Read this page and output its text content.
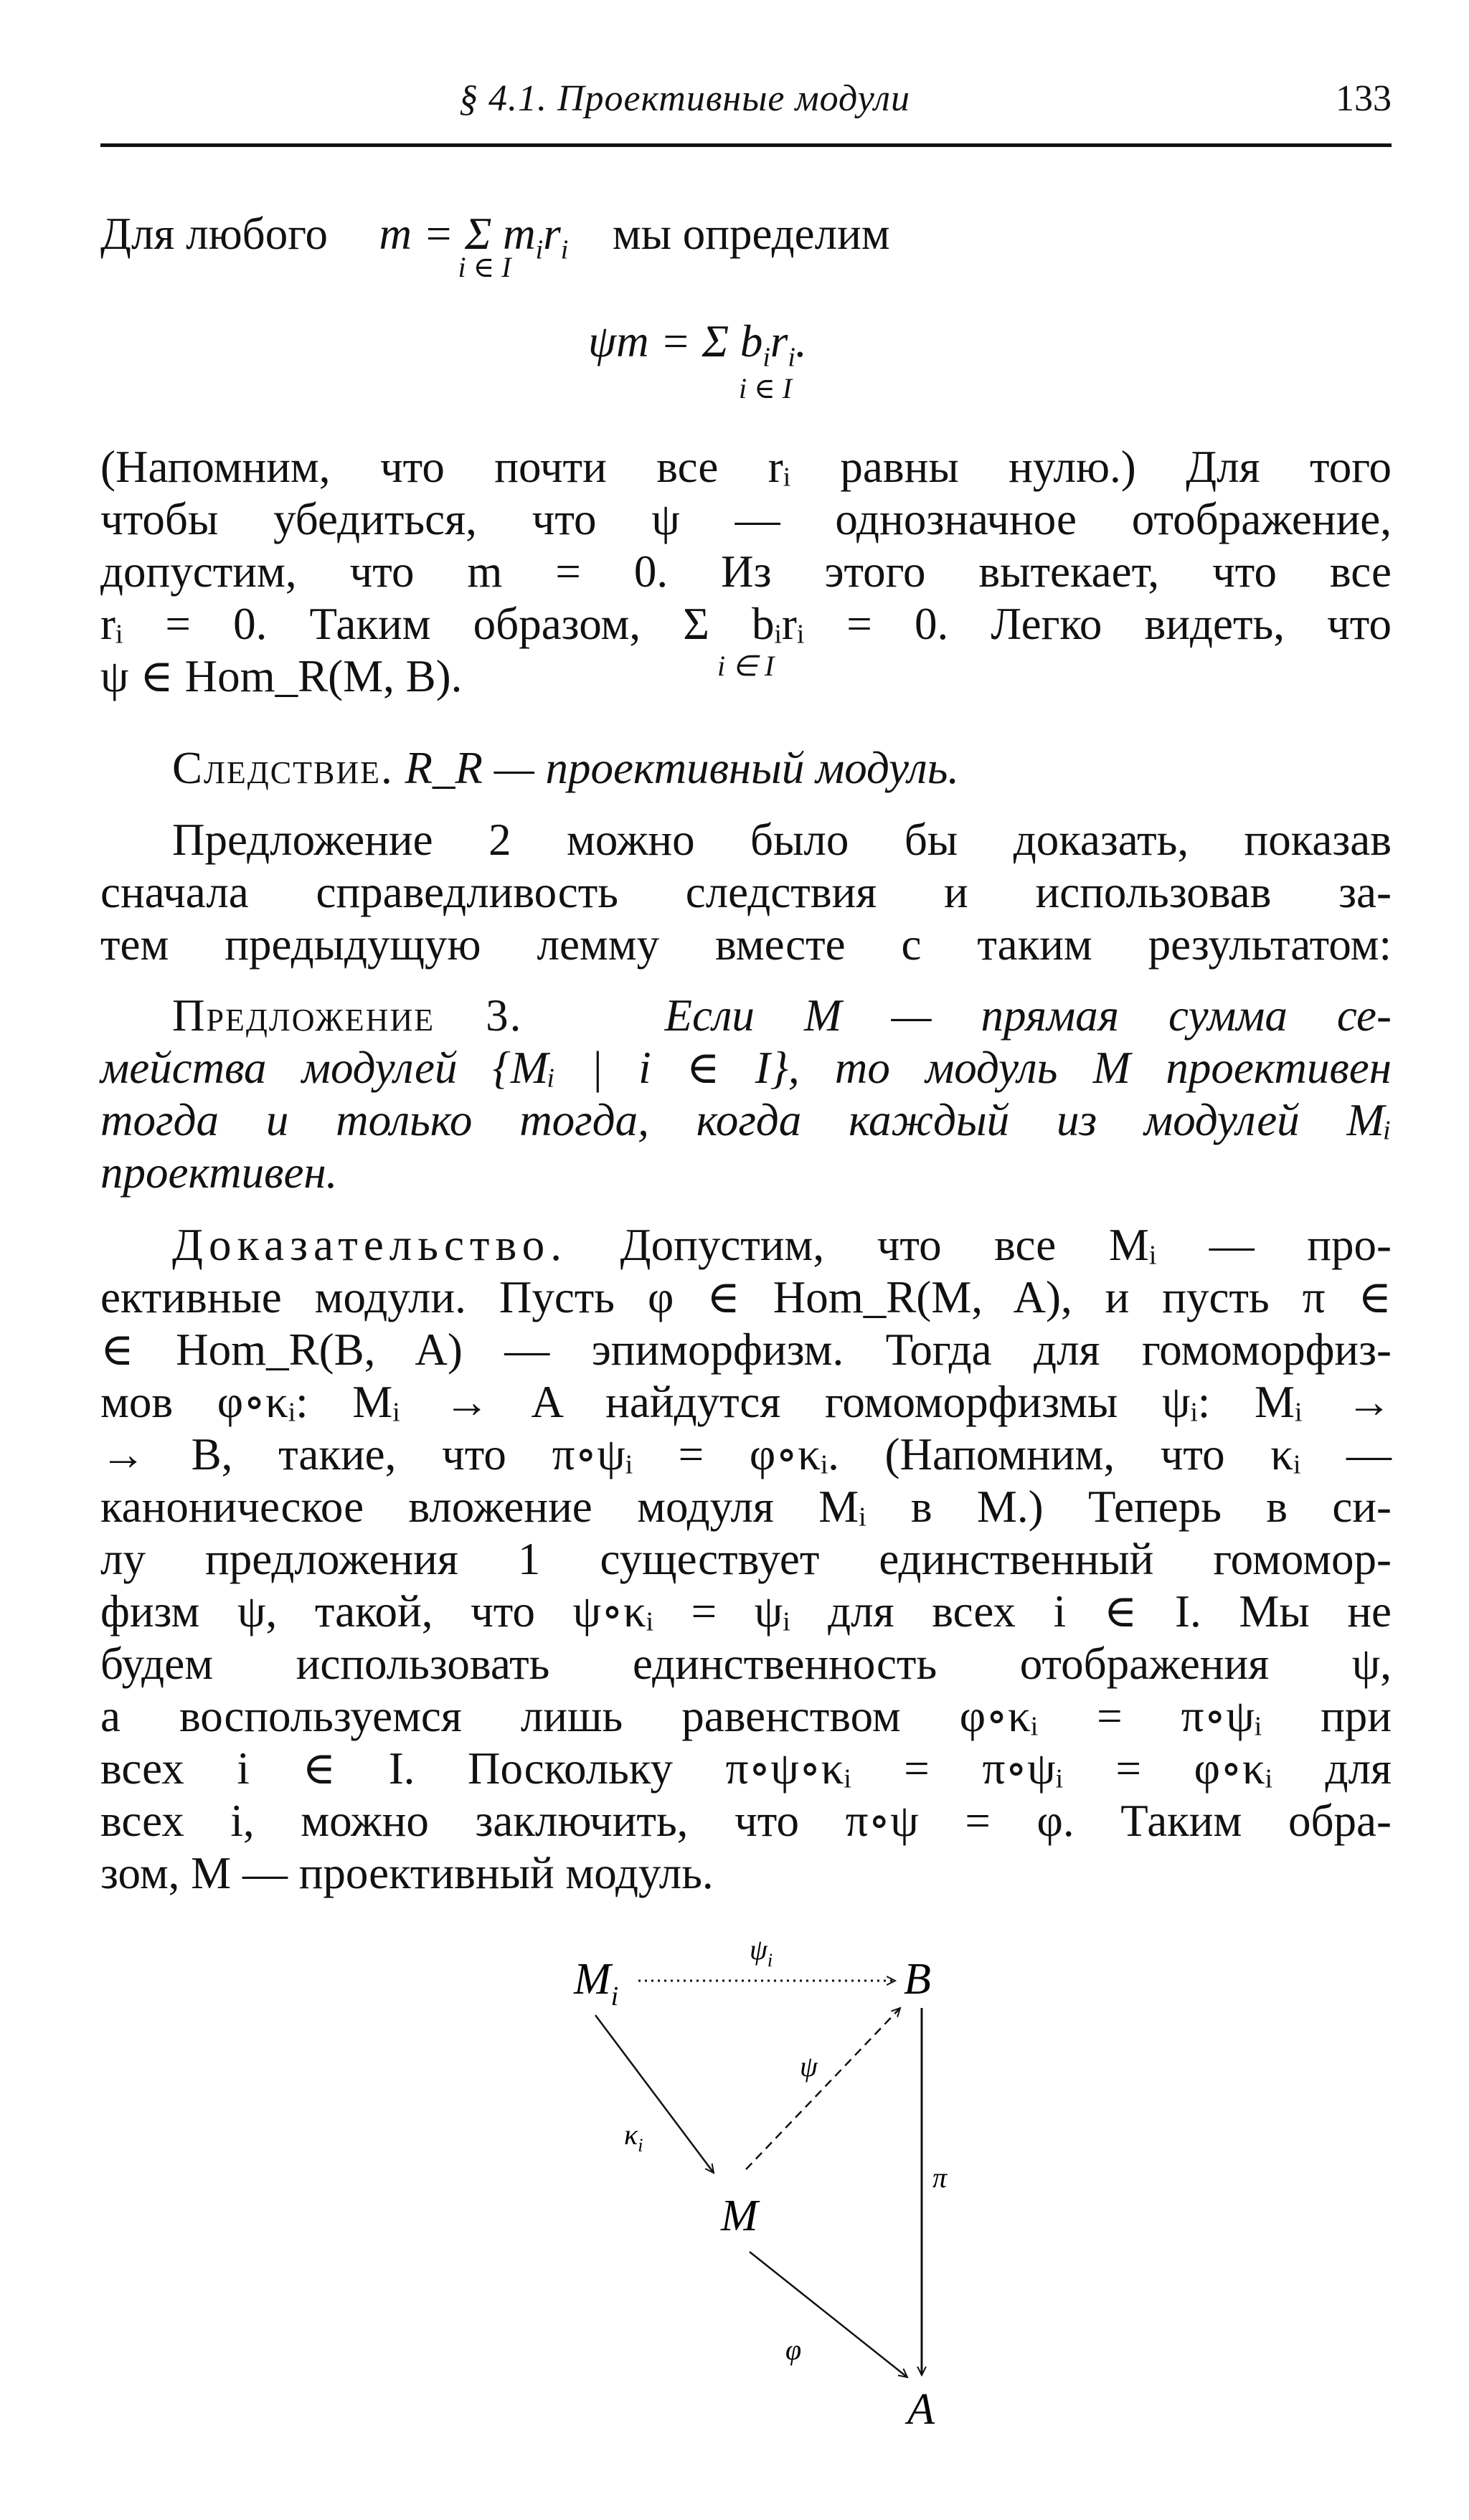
§ 4.1. Проективные модули	133
Для любого m = Σ $m_ir_i$
i ∈ I
мы определим
ψm = Σ $b_ir_i$.
i ∈ I
(Напомним, что почти все rᵢ равны нулю.) Для того
чтобы убедиться, что ψ — однозначное отображение,
допустим, что m = 0. Из этого вытекает, что все
rᵢ = 0. Таким образом, Σ bᵢrᵢ = 0. Легко видеть, что
ψ ∈ Hom_R(M, B).	i ∈ I
Следствие. R_R — проективный модуль.
Предложение 2 можно было бы доказать, показав
сначала справедливость следствия и использовав за-
тем предыдущую лемму вместе с таким результатом:
Предложение 3.	Если M — прямая сумма се-
мейства модулей {Mᵢ | i ∈ I}, то модуль M проективен
тогда и только тогда, когда каждый из модулей Mᵢ
проективен.
Доказательство. Допустим, что все Mᵢ — про-
ективные модули. Пусть φ ∈ Hom_R(M, A), и пусть π ∈
∈ Hom_R(B, A) — эпиморфизм. Тогда для гомоморфиз-
мов φ∘κᵢ: Mᵢ → A найдутся гомоморфизмы ψᵢ: Mᵢ →
→ B, такие, что π∘ψᵢ = φ∘κᵢ. (Напомним, что κᵢ —
каноническое вложение модуля Mᵢ в M.) Теперь в си-
лу предложения 1 существует единственный гомомор-
физм ψ, такой, что ψ∘κᵢ = ψᵢ для всех i ∈ I. Мы не
будем использовать единственность отображения ψ,
а воспользуемся лишь равенством φ∘κᵢ = π∘ψᵢ при
всех i ∈ I. Поскольку π∘ψ∘κᵢ = π∘ψᵢ = φ∘κᵢ для
всех i, можно заключить, что π∘ψ = φ. Таким обра-
зом, M — проективный модуль.
$M_i$	B
M
A
$\psi_i$
$\kappa_i$
ψ
π
φ
